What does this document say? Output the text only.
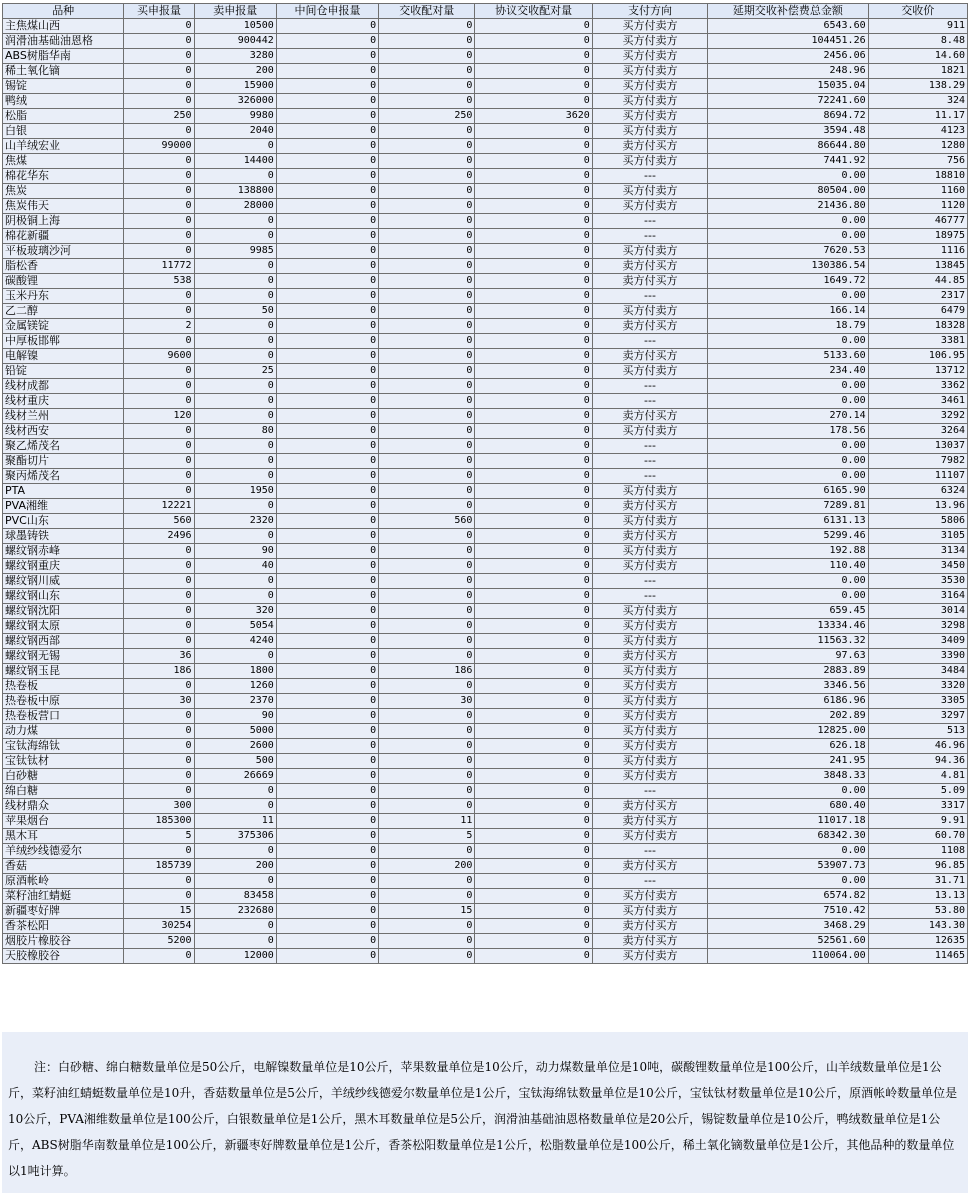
品种	买申报量	卖申报量	中间仓申报量	交收配对量	协议交收配对量	支付方向	延期交收补偿费总金额	交收价
主焦煤山西	0	10500	0	0	0	买方付卖方	6543.60	911
润滑油基础油恩格	0	900442	0	0	0	买方付卖方	104451.26	8.48
ABS树脂华南	0	3280	0	0	0	买方付卖方	2456.06	14.60
稀土氧化镝	0	200	0	0	0	买方付卖方	248.96	1821
锡锭	0	15900	0	0	0	买方付卖方	15035.04	138.29
鸭绒	0	326000	0	0	0	买方付卖方	72241.60	324
松脂	250	9980	0	250	3620	买方付卖方	8694.72	11.17
白银	0	2040	0	0	0	买方付卖方	3594.48	4123
山羊绒宏业	99000	0	0	0	0	卖方付买方	86644.80	1280
焦煤	0	14400	0	0	0	买方付卖方	7441.92	756
棉花华东	0	0	0	0	0	---	0.00	18810
焦炭	0	138800	0	0	0	买方付卖方	80504.00	1160
焦炭伟天	0	28000	0	0	0	买方付卖方	21436.80	1120
阴极铜上海	0	0	0	0	0	---	0.00	46777
棉花新疆	0	0	0	0	0	---	0.00	18975
平板玻璃沙河	0	9985	0	0	0	买方付卖方	7620.53	1116
脂松香	11772	0	0	0	0	卖方付买方	130386.54	13845
碳酸锂	538	0	0	0	0	卖方付买方	1649.72	44.85
玉米丹东	0	0	0	0	0	---	0.00	2317
乙二醇	0	50	0	0	0	买方付卖方	166.14	6479
金属镁锭	2	0	0	0	0	卖方付买方	18.79	18328
中厚板邯郸	0	0	0	0	0	---	0.00	3381
电解镍	9600	0	0	0	0	卖方付买方	5133.60	106.95
铅锭	0	25	0	0	0	买方付卖方	234.40	13712
线材成都	0	0	0	0	0	---	0.00	3362
线材重庆	0	0	0	0	0	---	0.00	3461
线材兰州	120	0	0	0	0	卖方付买方	270.14	3292
线材西安	0	80	0	0	0	买方付卖方	178.56	3264
聚乙烯茂名	0	0	0	0	0	---	0.00	13037
聚酯切片	0	0	0	0	0	---	0.00	7982
聚丙烯茂名	0	0	0	0	0	---	0.00	11107
PTA	0	1950	0	0	0	买方付卖方	6165.90	6324
PVA湘维	12221	0	0	0	0	卖方付买方	7289.81	13.96
PVC山东	560	2320	0	560	0	买方付卖方	6131.13	5806
球墨铸铁	2496	0	0	0	0	卖方付买方	5299.46	3105
螺纹钢赤峰	0	90	0	0	0	买方付卖方	192.88	3134
螺纹钢重庆	0	40	0	0	0	买方付卖方	110.40	3450
螺纹钢川威	0	0	0	0	0	---	0.00	3530
螺纹钢山东	0	0	0	0	0	---	0.00	3164
螺纹钢沈阳	0	320	0	0	0	买方付卖方	659.45	3014
螺纹钢太原	0	5054	0	0	0	买方付卖方	13334.46	3298
螺纹钢西部	0	4240	0	0	0	买方付卖方	11563.32	3409
螺纹钢无锡	36	0	0	0	0	卖方付买方	97.63	3390
螺纹钢玉昆	186	1800	0	186	0	买方付卖方	2883.89	3484
热卷板	0	1260	0	0	0	买方付卖方	3346.56	3320
热卷板中原	30	2370	0	30	0	买方付卖方	6186.96	3305
热卷板营口	0	90	0	0	0	买方付卖方	202.89	3297
动力煤	0	5000	0	0	0	买方付卖方	12825.00	513
宝钛海绵钛	0	2600	0	0	0	买方付卖方	626.18	46.96
宝钛钛材	0	500	0	0	0	买方付卖方	241.95	94.36
白砂糖	0	26669	0	0	0	买方付卖方	3848.33	4.81
绵白糖	0	0	0	0	0	---	0.00	5.09
线材鼎众	300	0	0	0	0	卖方付买方	680.40	3317
苹果烟台	185300	11	0	11	0	卖方付买方	11017.18	9.91
黑木耳	5	375306	0	5	0	买方付卖方	68342.30	60.70
羊绒纱线德爱尔	0	0	0	0	0	---	0.00	1108
香菇	185739	200	0	200	0	卖方付买方	53907.73	96.85
原酒帐岭	0	0	0	0	0	---	0.00	31.71
菜籽油红蜻蜓	0	83458	0	0	0	买方付卖方	6574.82	13.13
新疆枣好牌	15	232680	0	15	0	买方付卖方	7510.42	53.80
香茶松阳	30254	0	0	0	0	卖方付买方	3468.29	143.30
烟胶片橡胶谷	5200	0	0	0	0	卖方付买方	52561.60	12635
天胶橡胶谷	0	12000	0	0	0	买方付卖方	110064.00	11465
注：白砂糖、绵白糖数量单位是50公斤，电解镍数量单位是10公斤，苹果数量单位是10公斤，动力煤数量单位是10吨，碳酸锂数量单位是100公斤，山羊绒数量单位是1公斤，菜籽油红蜻蜓数量单位是10升，香菇数量单位是5公斤，羊绒纱线德爱尔数量单位是1公斤，宝钛海绵钛数量单位是10公斤，宝钛钛材数量单位是10公斤，原酒帐岭数量单位是10公斤，PVA湘维数量单位是100公斤，白银数量单位是1公斤，黑木耳数量单位是5公斤，润滑油基础油恩格数量单位是20公斤，锡锭数量单位是10公斤，鸭绒数量单位是1公斤，ABS树脂华南数量单位是100公斤，新疆枣好牌数量单位是1公斤，香茶松阳数量单位是1公斤，松脂数量单位是100公斤，稀土氧化镝数量单位是1公斤，其他品种的数量单位以1吨计算。
